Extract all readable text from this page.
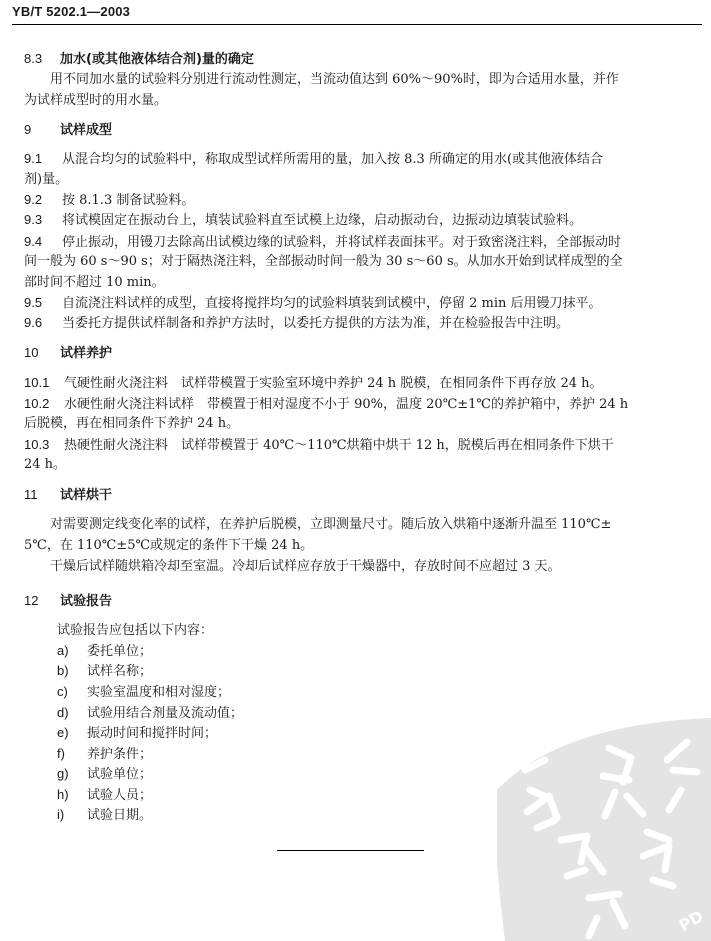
YB/T 5202.1—2003
8.3 加水(或其他液体结合剂)量的确定
用不同加水量的试验料分别进行流动性测定，当流动值达到 60%～90%时，即为合适用水量，并作
为试样成型时的用水量。
9 试样成型
9.1 从混合均匀的试验料中，称取成型试样所需用的量，加入按 8.3 所确定的用水(或其他液体结合
剂)量。
9.2 按 8.1.3 制备试验料。
9.3 将试模固定在振动台上，填装试验料直至试模上边缘，启动振动台，边振动边填装试验料。
9.4 停止振动，用镘刀去除高出试模边缘的试验料，并将试样表面抹平。对于致密浇注料，全部振动时
间一般为 60 s～90 s；对于隔热浇注料，全部振动时间一般为 30 s～60 s。从加水开始到试样成型的全
部时间不超过 10 min。
9.5 自流浇注料试样的成型，直接将搅拌均匀的试验料填装到试模中，停留 2 min 后用镘刀抹平。
9.6 当委托方提供试样制备和养护方法时，以委托方提供的方法为准，并在检验报告中注明。
10 试样养护
10.1 气硬性耐火浇注料　试样带模置于实验室环境中养护 24 h 脱模，在相同条件下再存放 24 h。
10.2 水硬性耐火浇注料试样　带模置于相对湿度不小于 90%，温度 20℃±1℃的养护箱中，养护 24 h
后脱模，再在相同条件下养护 24 h。
10.3 热硬性耐火浇注料　试样带模置于 40℃～110℃烘箱中烘干 12 h，脱模后再在相同条件下烘干
24 h。
11 试样烘干
对需要测定线变化率的试样，在养护后脱模，立即测量尺寸。随后放入烘箱中逐渐升温至 110℃±
5℃，在 110℃±5℃或规定的条件下干燥 24 h。
干燥后试样随烘箱冷却至室温。冷却后试样应存放于干燥器中，存放时间不应超过 3 天。
12 试验报告
试验报告应包括以下内容：
a) 委托单位；
b) 试样名称；
c) 实验室温度和相对湿度；
d) 试验用结合剂量及流动值；
e) 振动时间和搅拌时间；
f) 养护条件；
g) 试验单位；
h) 试验人员；
i) 试验日期。
PD
